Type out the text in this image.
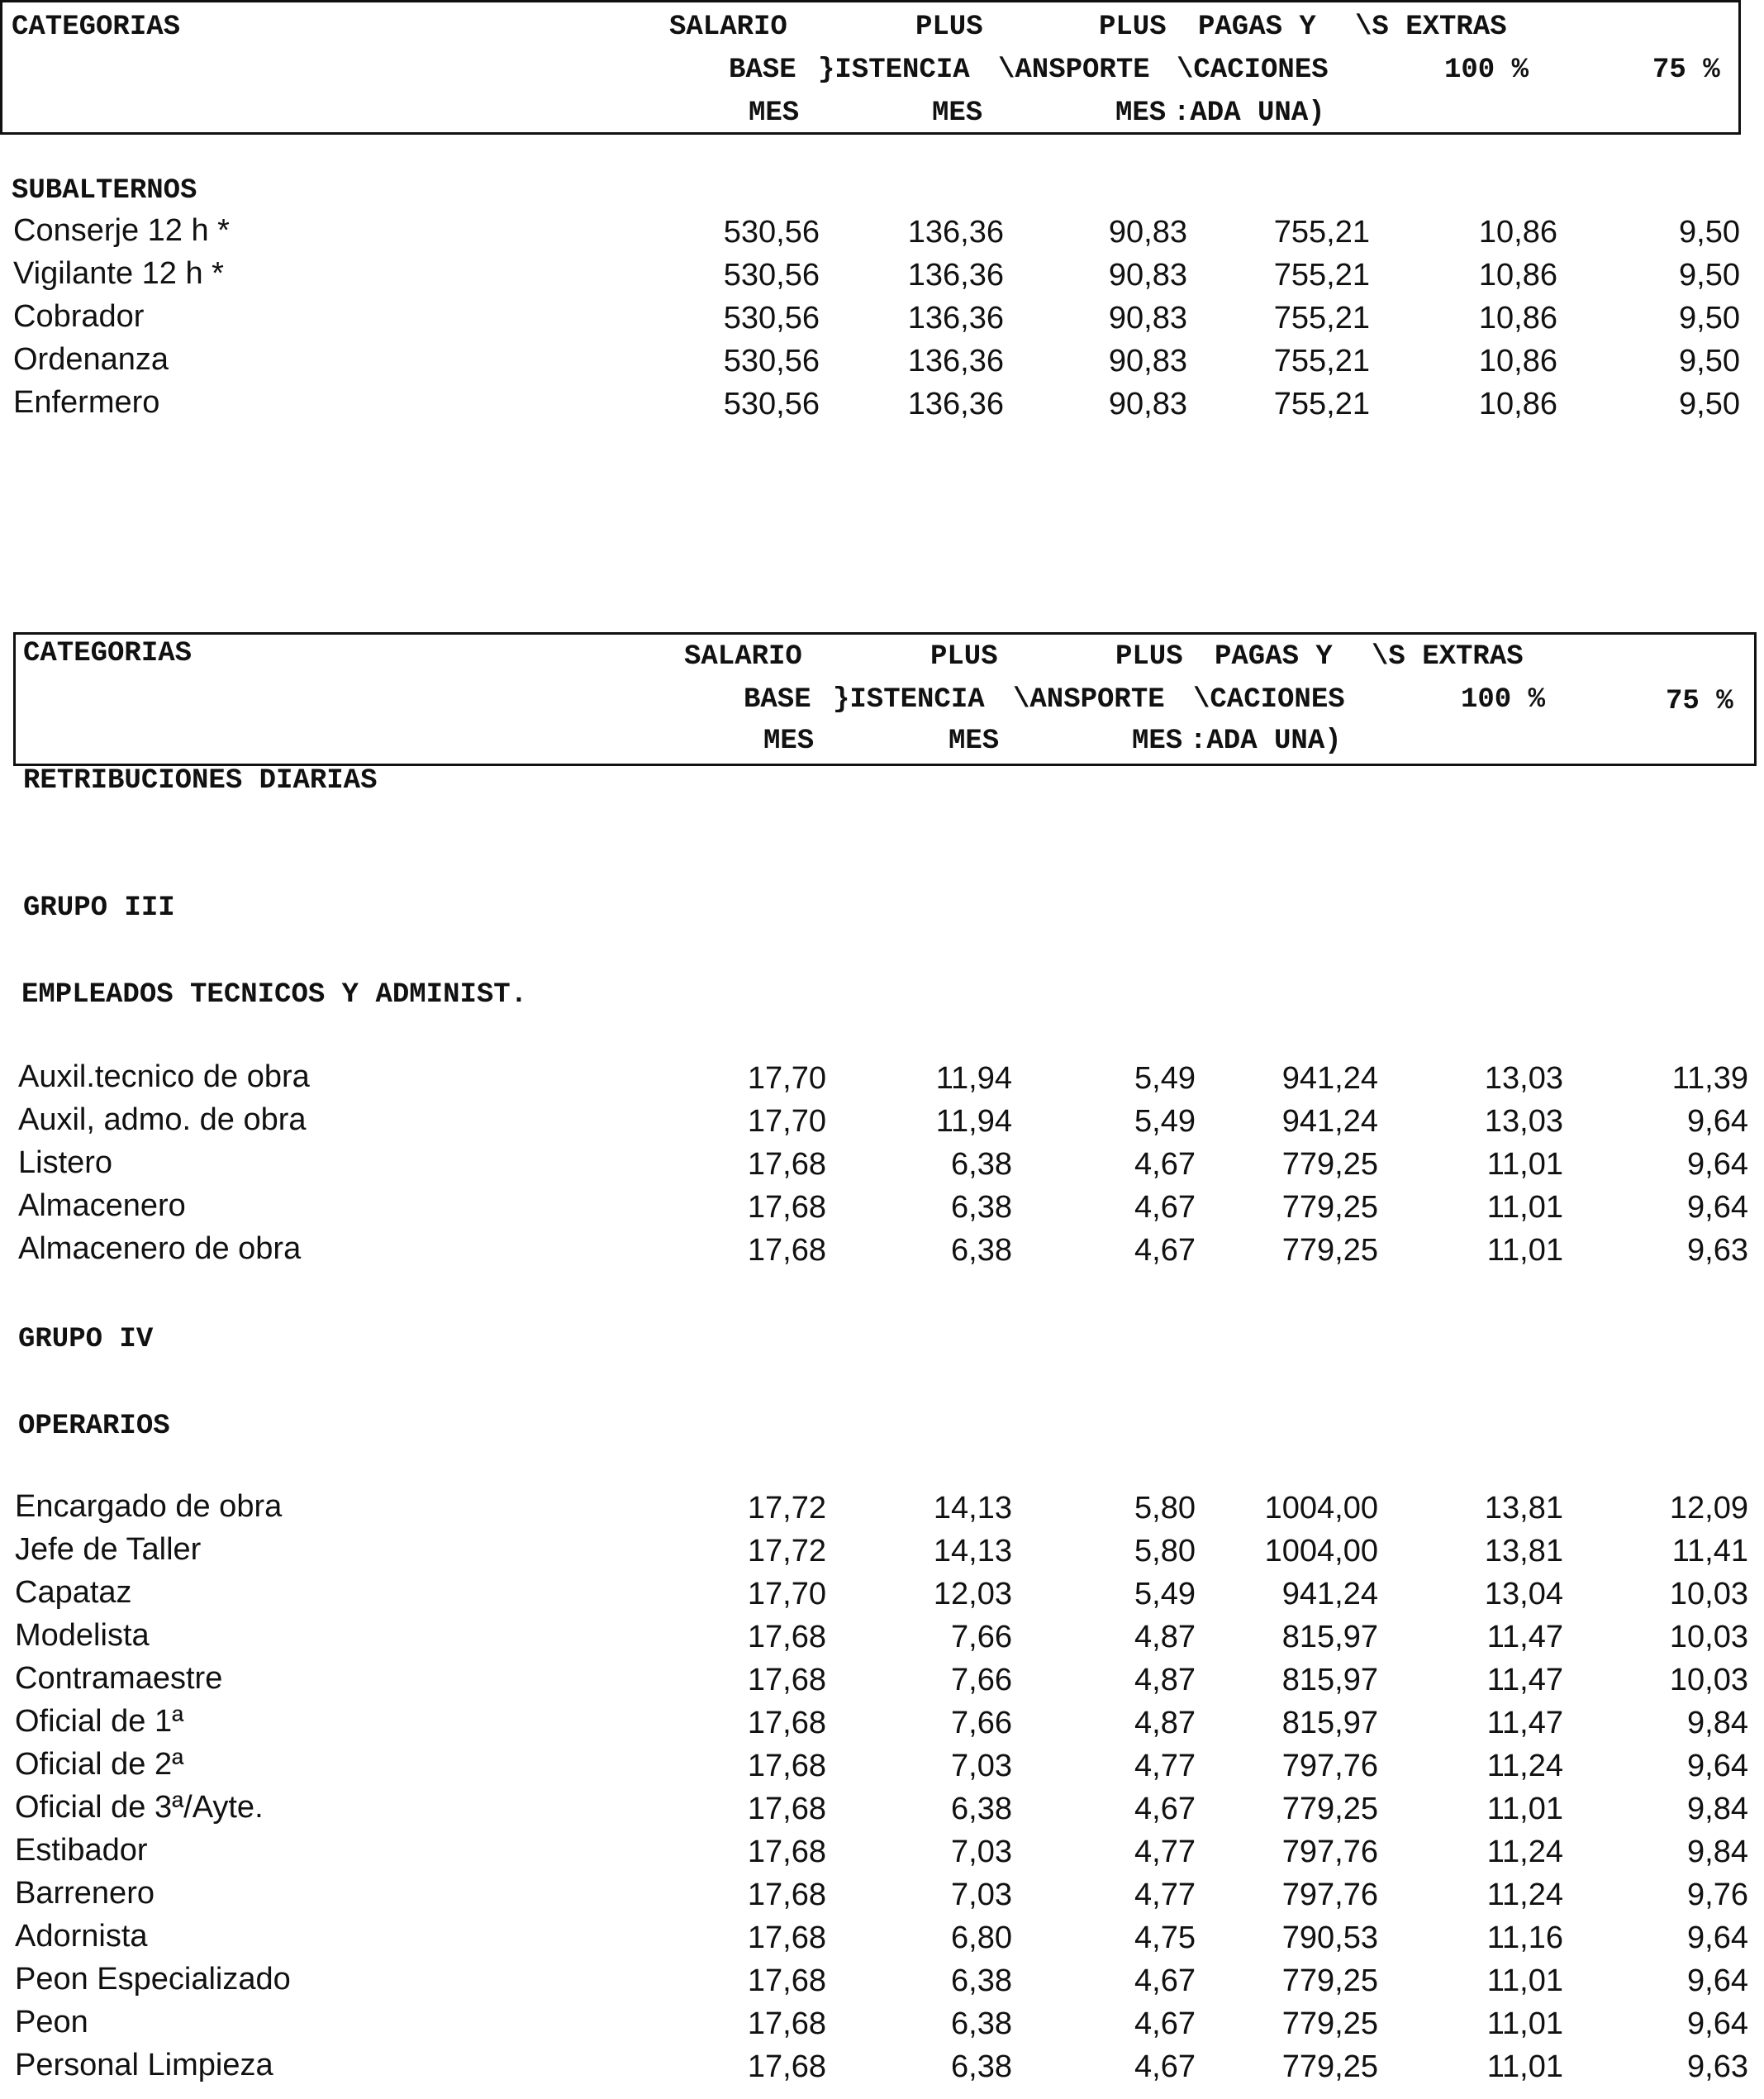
CATEGORIAS	SALARIO	PLUS	PLUS PAGAS Y \S EXTRAS
BASE }ISTENCIA \ANSPORTE \CACIONES	100 %	75 %
MES	MES	MES :ADA UNA)
SUBALTERNOS
Conserje 12 h *	530,56	136,36	90,83	755,21	10,86	9,50
Vigilante 12 h *	530,56	136,36	90,83	755,21	10,86	9,50
Cobrador	530,56	136,36	90,83	755,21	10,86	9,50
Ordenanza	530,56	136,36	90,83	755,21	10,86	9,50
Enfermero	530,56	136,36	90,83	755,21	10,86	9,50
CATEGORIAS	SALARIO	PLUS	PLUS PAGAS Y \S EXTRAS
BASE }ISTENCIA \ANSPORTE \CACIONES	100 %	75 %
MES	MES	MES :ADA UNA)
RETRIBUCIONES DIARIAS
GRUPO III
EMPLEADOS TECNICOS Y ADMINIST.
Auxil.tecnico de obra	17,70	11,94	5,49	941,24	13,03	11,39
Auxil, admo. de obra	17,70	11,94	5,49	941,24	13,03	9,64
Listero	17,68	6,38	4,67	779,25	11,01	9,64
Almacenero	17,68	6,38	4,67	779,25	11,01	9,64
Almacenero de obra	17,68	6,38	4,67	779,25	11,01	9,63
GRUPO IV
OPERARIOS
Encargado de obra	17,72	14,13	5,80	1004,00	13,81	12,09
Jefe de Taller	17,72	14,13	5,80	1004,00	13,81	11,41
Capataz	17,70	12,03	5,49	941,24	13,04	10,03
Modelista	17,68	7,66	4,87	815,97	11,47	10,03
Contramaestre	17,68	7,66	4,87	815,97	11,47	10,03
Oficial de 1ª	17,68	7,66	4,87	815,97	11,47	9,84
Oficial de 2ª	17,68	7,03	4,77	797,76	11,24	9,64
Oficial de 3ª/Ayte.	17,68	6,38	4,67	779,25	11,01	9,84
Estibador	17,68	7,03	4,77	797,76	11,24	9,84
Barrenero	17,68	7,03	4,77	797,76	11,24	9,76
Adornista	17,68	6,80	4,75	790,53	11,16	9,64
Peon Especializado	17,68	6,38	4,67	779,25	11,01	9,64
Peon	17,68	6,38	4,67	779,25	11,01	9,64
Personal Limpieza	17,68	6,38	4,67	779,25	11,01	9,63
